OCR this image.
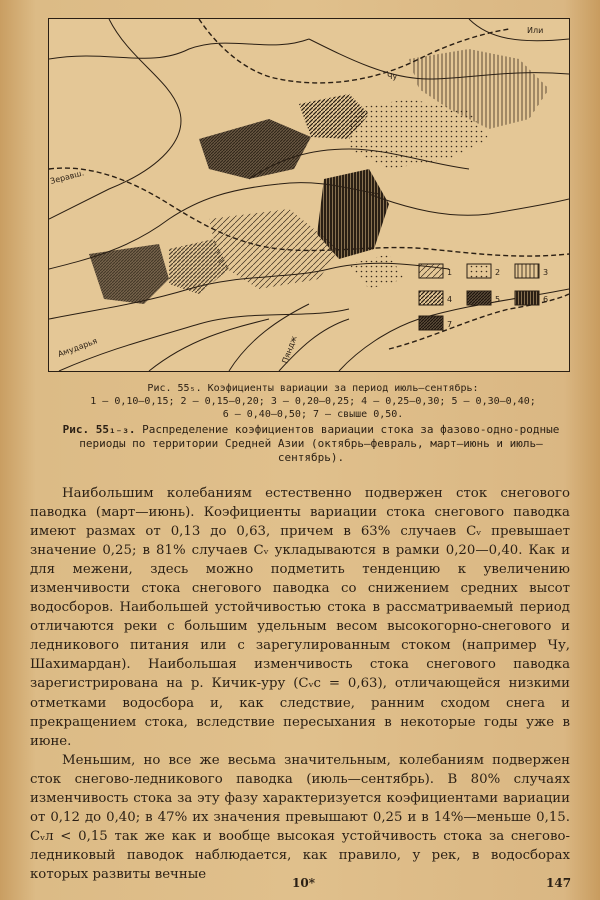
Или
Чу
Зеравш.
Амударья	Пяндж
1	2	3
4	5	6
7
Рис. 55₅. Коэфициенты вариации за период июль—сентябрь:
1 — 0,10—0,15; 2 — 0,15—0,20; 3 — 0,20—0,25; 4 — 0,25—0,30; 5 — 0,30—0,40;
6 — 0,40—0,50; 7 — свыше 0,50.
Рис. 55₁₋₃. Распределение коэфициентов вариации стока за фазово-одно-родные периоды по территории Средней Азии (октябрь—февраль, март—июнь и июль—сентябрь).

Наибольшим колебаниям естественно подвержен сток снегового паводка (март—июнь). Коэфициенты вариации стока снегового паводка имеют размах от 0,13 до 0,63, причем в 63% случаев Cᵥ превышает значение 0,25; в 81% случаев Cᵥ укладываются в рамки 0,20—0,40. Как и для межени, здесь можно подметить тенденцию к увеличению изменчивости стока снегового паводка со снижением средних высот водосборов. Наибольшей устойчивостью стока в рассматриваемый период отличаются реки с большим удельным весом высокогорно-снегового и ледникового питания или с зарегулированным стоком (например Чу, Шахимардан). Наибольшая изменчивость стока снегового паводка зарегистрирована на р. Кичик-уру (Cᵥс = 0,63), отличающейся низкими отметками водосбора и, как следствие, ранним сходом снега и прекращением стока, вследствие пересыхания в некоторые годы уже в июне.

Меньшим, но все же весьма значительным, колебаниям подвержен сток снегово-ледникового паводка (июль—сентябрь). В 80% случаях изменчивость стока за эту фазу характеризуется коэфициентами вариации от 0,12 до 0,40; в 47% их значения превышают 0,25 и в 14%—меньше 0,15. Cᵥл < 0,15 так же как и вообще высокая устойчивость стока за снегово-ледниковый паводок наблюдается, как правило, у рек, в водосборах которых развиты вечные

10*	147
